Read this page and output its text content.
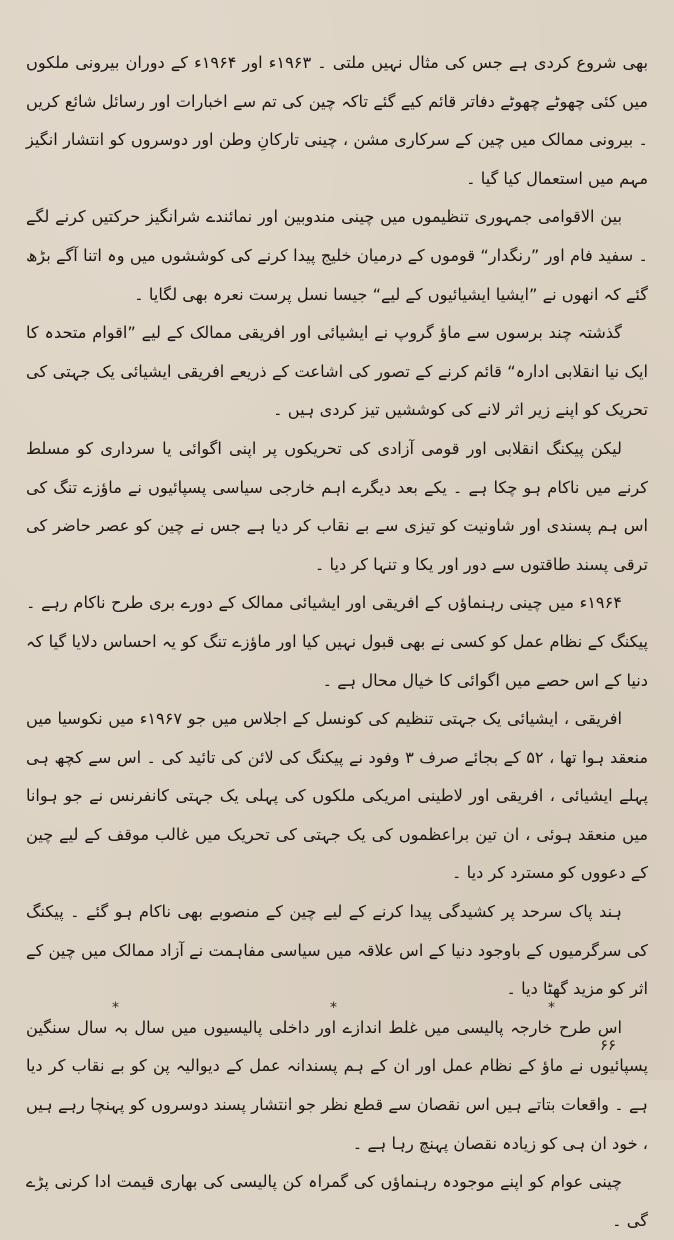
بھی شروع کردی ہے جس کی مثال نہیں ملتی ۔ ۱۹۶۳ء اور ۱۹۶۴ء کے دوران بیرونی ملکوں میں کئی چھوٹے چھوٹے دفاتر قائم کیے گئے تاکہ چین کی تم سے اخبارات اور رسائل شائع کریں ۔ بیرونی ممالک میں چین کے سرکاری مشن ، چینی تارکانِ وطن اور دوسروں کو انتشار انگیز مہم میں استعمال کیا گیا ۔

بین الاقوامی جمہوری تنظیموں میں چینی مندوبین اور نمائندے شرانگیز حرکتیں کرنے لگے ۔ سفید فام اور ”رنگدار“ قوموں کے درمیان خلیج پیدا کرنے کی کوششوں میں وہ اتنا آگے بڑھ گئے کہ انھوں نے ”ایشیا ایشیائیوں کے لیے“ جیسا نسل پرست نعرہ بھی لگایا ۔

گذشتہ چند برسوں سے ماؤ گروپ نے ایشیائی اور افریقی ممالک کے لیے ”اقوام متحدہ کا ایک نیا انقلابی ادارہ“ قائم کرنے کے تصور کی اشاعت کے ذریعے افریقی ایشیائی یک جہتی کی تحریک کو اپنے زیر اثر لانے کی کوششیں تیز کردی ہیں ۔

لیکن پیکنگ انقلابی اور قومی آزادی کی تحریکوں پر اپنی اگوائی یا سرداری کو مسلط کرنے میں ناکام ہو چکا ہے ۔ یکے بعد دیگرے اہم خارجی سیاسی پسپائیوں نے ماؤزے تنگ کی اس ہم پسندی اور شاونیت کو تیزی سے بے نقاب کر دیا ہے جس نے چین کو عصر حاضر کی ترقی پسند طاقتوں سے دور اور یکا و تنہا کر دیا ۔

۱۹۶۴ء میں چینی رہنماؤں کے افریقی اور ایشیائی ممالک کے دورے بری طرح ناکام رہے ۔ پیکنگ کے نظام عمل کو کسی نے بھی قبول نہیں کیا اور ماؤزے تنگ کو یہ احساس دلایا گیا کہ دنیا کے اس حصے میں اگوائی کا خیال محال ہے ۔

افریقی ، ایشیائی یک جہتی تنظیم کی کونسل کے اجلاس میں جو ۱۹۶۷ء میں نکوسیا میں منعقد ہوا تھا ، ۵۲ کے بجائے صرف ۳ وفود نے پیکنگ کی لائن کی تائید کی ۔ اس سے کچھ ہی پہلے ایشیائی ، افریقی اور لاطینی امریکی ملکوں کی پہلی یک جہتی کانفرنس نے جو ہوانا میں منعقد ہوئی ، ان تین براعظموں کی یک جہتی کی تحریک میں غالب موقف کے لیے چین کے دعووں کو مسترد کر دیا ۔

ہند پاک سرحد پر کشیدگی پیدا کرنے کے لیے چین کے منصوبے بھی ناکام ہو گئے ۔ پیکنگ کی سرگرمیوں کے باوجود دنیا کے اس علاقہ میں سیاسی مفاہمت نے آزاد ممالک میں چین کے اثر کو مزید گھٹا دیا ۔

اس طرح خارجہ پالیسی میں غلط اندازے اور داخلی پالیسیوں میں سال بہ سال سنگین پسپائیوں نے ماؤ کے نظام عمل اور ان کے ہم پسندانہ عمل کے دیوالیہ پن کو بے نقاب کر دیا ہے ۔ واقعات بتاتے ہیں اس نقصان سے قطع نظر جو انتشار پسند دوسروں کو پہنچا رہے ہیں ، خود ان ہی کو زیادہ نقصان پہنچ رہا ہے ۔

چینی عوام کو اپنے موجودہ رہنماؤں کی گمراہ کن پالیسی کی بھاری قیمت ادا کرنی پڑے گی ۔

*	*	*
۶۶
